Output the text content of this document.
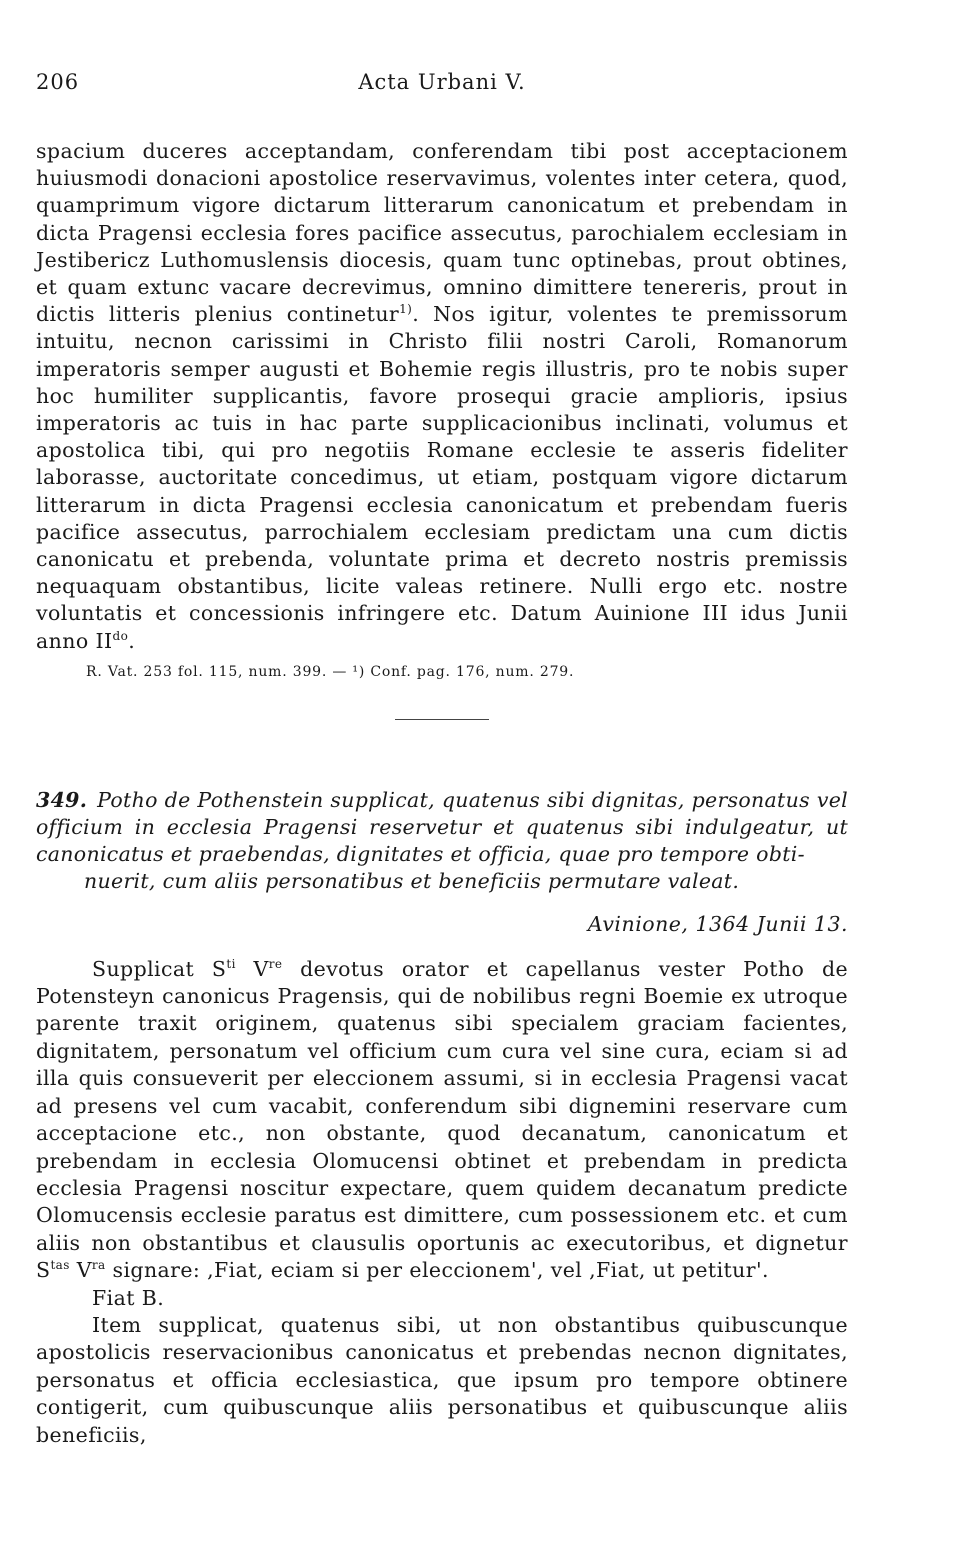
206	Acta Urbani V.

spacium duceres acceptandam, conferendam tibi post acceptacionem huiusmodi donacioni apostolice reservavimus, volentes inter cetera, quod, quamprimum vigore dictarum litterarum canonicatum et prebendam in dicta Pragensi ecclesia fores pacifice assecutus, parochialem ecclesiam in Jestibericz Luthomuslensis diocesis, quam tunc optinebas, prout obtines, et quam extunc vacare decrevimus, omnino dimittere tenereris, prout in dictis litteris plenius continetur$^{1)}$. Nos igitur, volentes te premissorum intuitu, necnon carissimi in Christo filii nostri Caroli, Romanorum imperatoris semper augusti et Bohemie regis illustris, pro te nobis super hoc humiliter supplicantis, favore prosequi gracie amplioris, ipsius imperatoris ac tuis in hac parte supplicacionibus inclinati, volumus et apostolica tibi, qui pro negotiis Romane ecclesie te asseris fideliter laborasse, auctoritate concedimus, ut etiam, postquam vigore dictarum litterarum in dicta Pragensi ecclesia canonicatum et prebendam fueris pacifice assecutus, parrochialem ecclesiam predictam una cum dictis canonicatu et prebenda, voluntate prima et decreto nostris premissis nequaquam obstantibus, licite valeas retinere. Nulli ergo etc. nostre voluntatis et concessionis infringere etc. Datum Auinione III idus Junii anno $II^{do}$.

R. Vat. 253 fol. 115, num. 399. — ¹) Conf. pag. 176, num. 279.
349. Potho de Pothenstein supplicat, quatenus sibi dignitas, personatus vel officium in ecclesia Pragensi reservetur et quatenus sibi indulgeatur, ut canonicatus et praebendas, dignitates et officia, quae pro tempore obti-
nuerit, cum aliis personatibus et beneficiis permutare valeat.
Avinione, 1364 Junii 13.

Supplicat $S^{ti}$ Vre devotus orator et capellanus vester Potho de Potensteyn canonicus Pragensis, qui de nobilibus regni Boemie ex utroque parente traxit originem, quatenus sibi specialem graciam facientes, dignitatem, personatum vel officium cum cura vel sine cura, eciam si ad illa quis consueverit per eleccionem assumi, si in ecclesia Pragensi vacat ad presens vel cum vacabit, conferendum sibi dignemini reservare cum acceptacione etc., non obstante, quod decanatum, canonicatum et prebendam in ecclesia Olomucensi obtinet et prebendam in predicta ecclesia Pragensi noscitur expectare, quem quidem decanatum predicte Olomucensis ecclesie paratus est dimittere, cum possessionem etc. et cum aliis non obstantibus et clausulis oportunis ac executoribus, et dignetur $S^{tas}$ $V^{ra}$ signare: ,Fiat, eciam si per eleccionem', vel ,Fiat, ut petitur'.

Fiat B.

Item supplicat, quatenus sibi, ut non obstantibus quibuscunque apostolicis reservacionibus canonicatus et prebendas necnon dignitates, personatus et officia ecclesiastica, que ipsum pro tempore obtinere contigerit, cum quibuscunque aliis personatibus et quibuscunque aliis beneficiis,
